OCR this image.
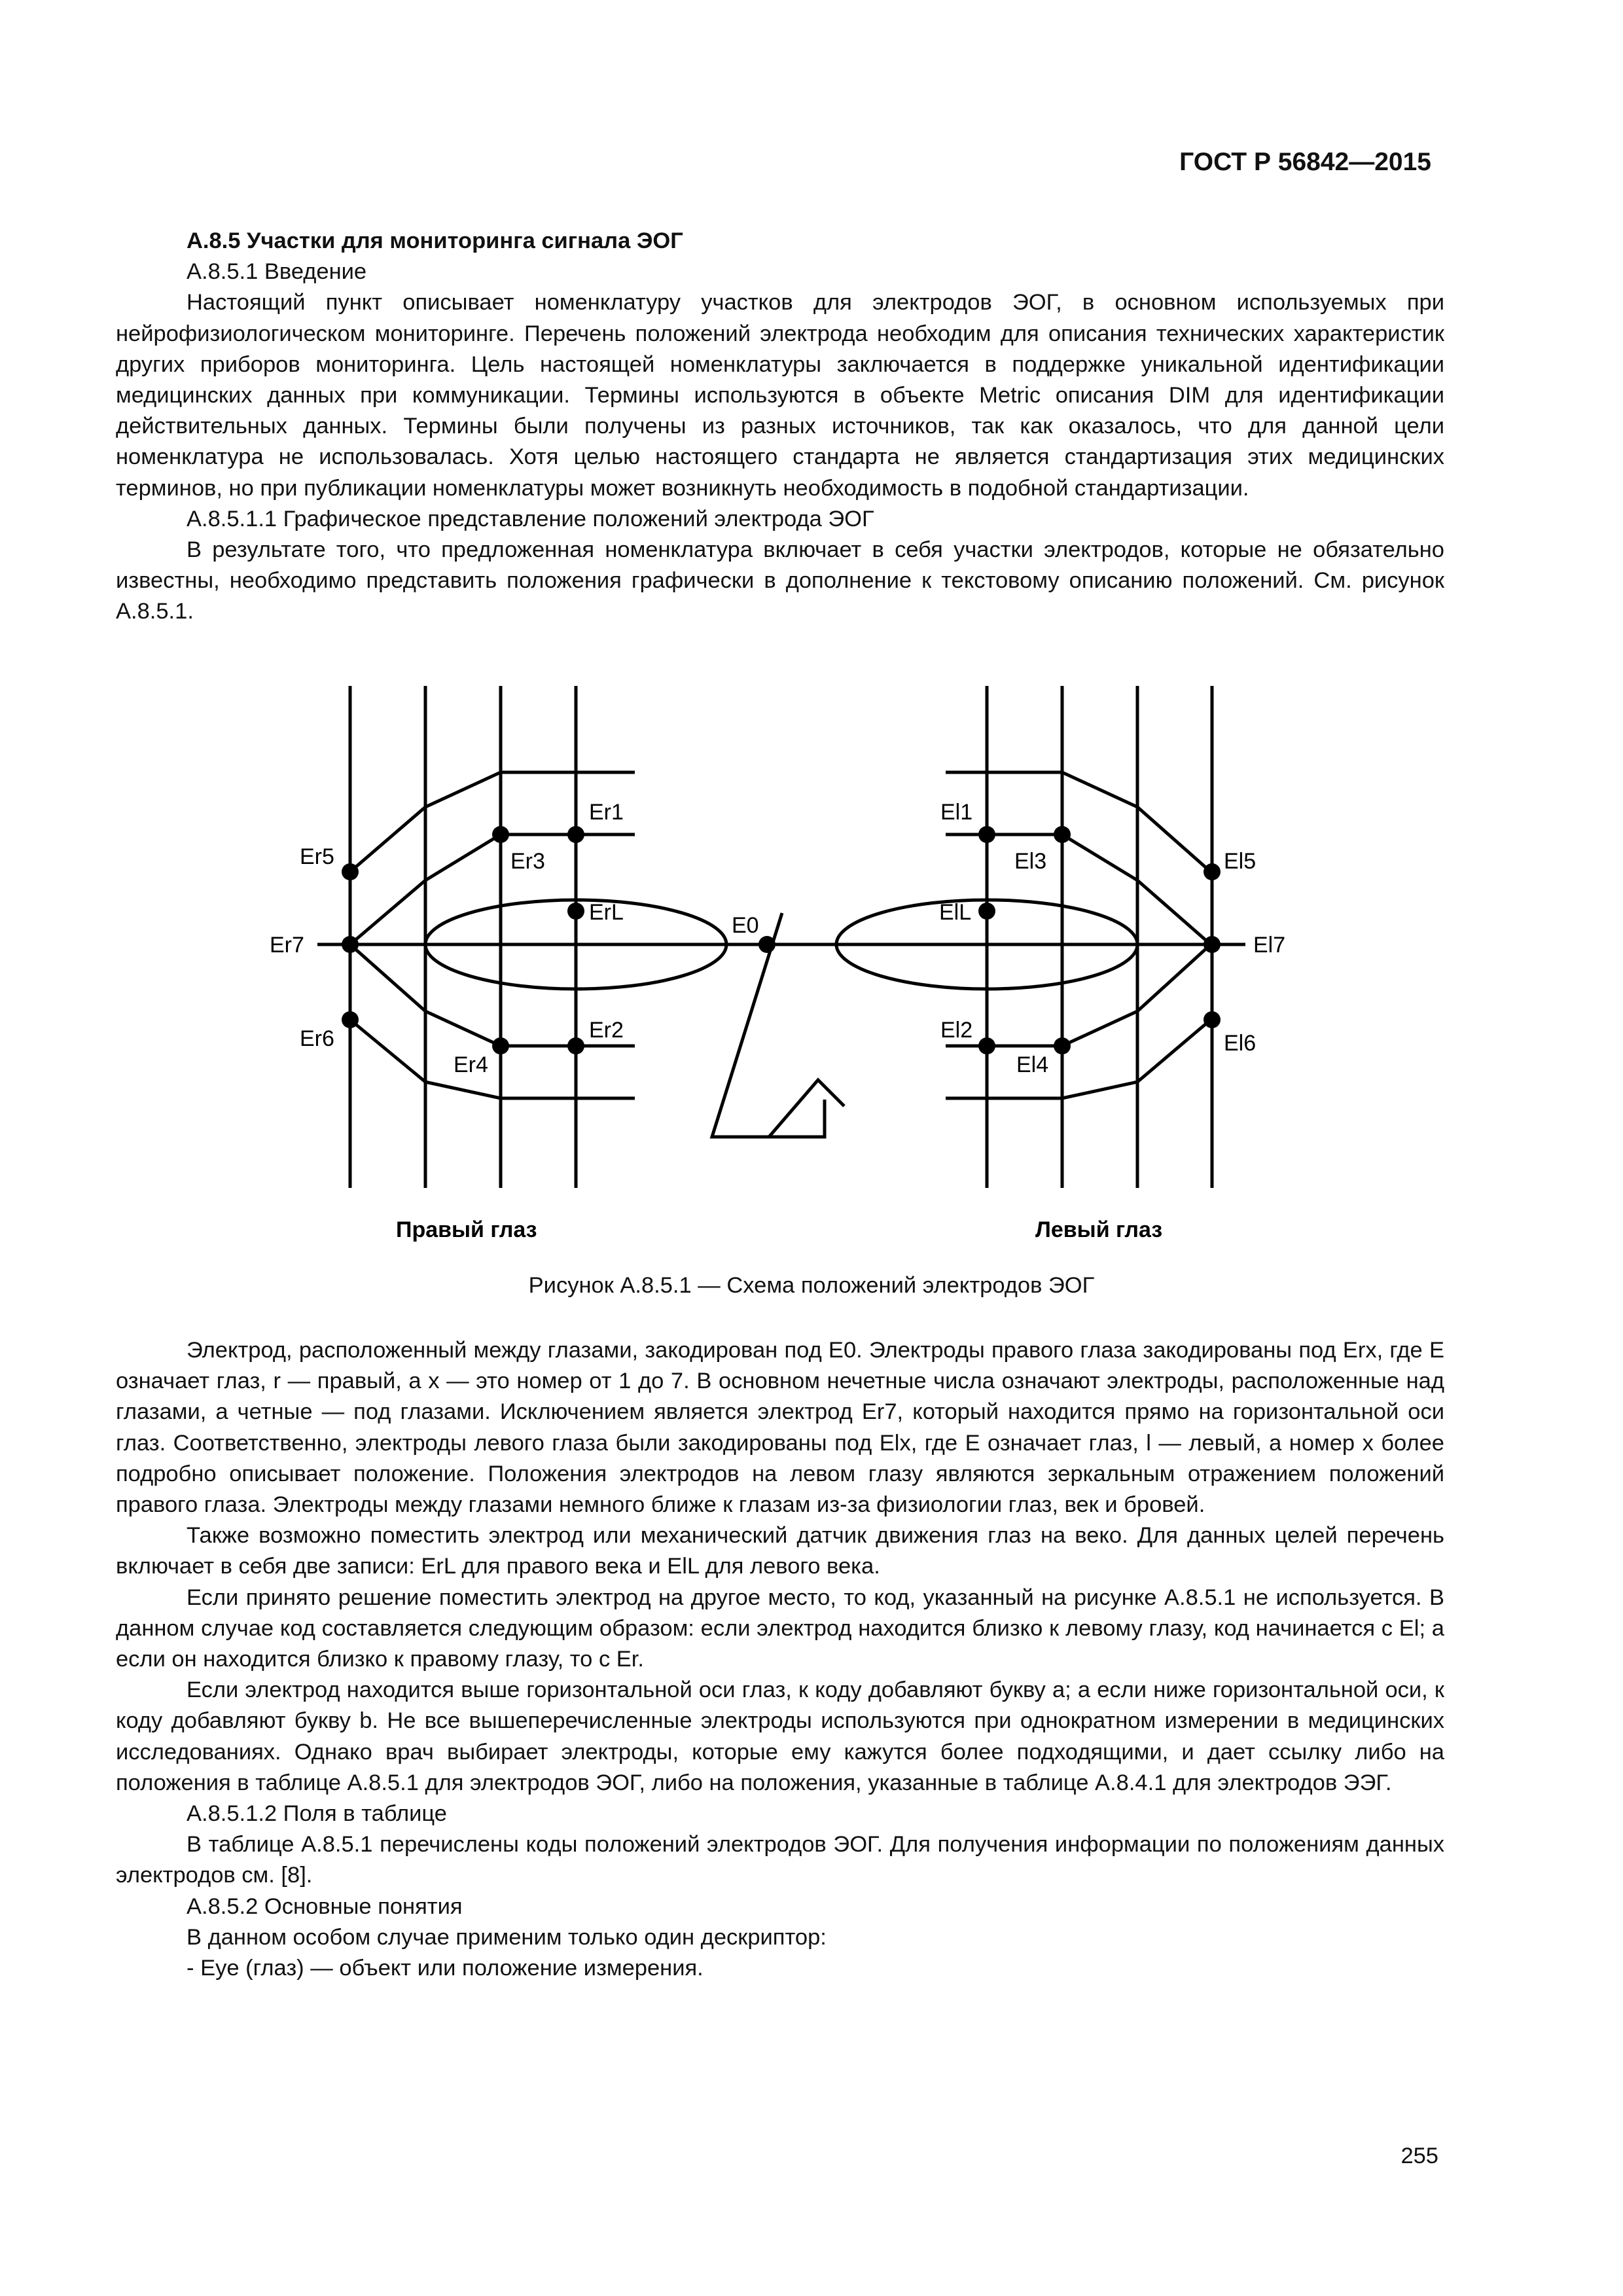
ГОСТ Р 56842—2015

А.8.5 Участки для мониторинга сигнала ЭОГ

А.8.5.1 Введение

Настоящий пункт описывает номенклатуру участков для электродов ЭОГ, в основном используемых при нейрофизиологическом мониторинге. Перечень положений электрода необходим для описания технических характеристик других приборов мониторинга. Цель настоящей номенклатуры заключается в поддержке уникальной идентификации медицинских данных при коммуникации. Термины используются в объекте Metric описания DIM для идентификации действительных данных. Термины были получены из разных источников, так как оказалось, что для данной цели номенклатура не использовалась. Хотя целью настоящего стандарта не является стандартизация этих медицинских терминов, но при публикации номенклатуры может возникнуть необходимость в подобной стандартизации.

А.8.5.1.1 Графическое представление положений электрода ЭОГ

В результате того, что предложенная номенклатура включает в себя участки электродов, которые не обязательно известны, необходимо представить положения графически в дополнение к текстовому описанию положений. См. рисунок А.8.5.1.

Er1
Er3
Er5
ErL
Er7
Er2
Er6
Er4
E0
El1
El3	El5
ElL
El7
El2
El4
El6
Правый глаз	Левый глаз
Рисунок А.8.5.1 — Схема положений электродов ЭОГ

Электрод, расположенный между глазами, закодирован под E0. Электроды правого глаза закодированы под Erx, где E означает глаз, r — правый, а x — это номер от 1 до 7. В основном нечетные числа означают электроды, расположенные над глазами, а четные — под глазами. Исключением является электрод Er7, который находится прямо на горизонтальной оси глаз. Соответственно, электроды левого глаза были закодированы под Elx, где E означает глаз, l — левый, а номер x более подробно описывает положение. Положения электродов на левом глазу являются зеркальным отражением положений правого глаза. Электроды между глазами немного ближе к глазам из-за физиологии глаз, век и бровей.

Также возможно поместить электрод или механический датчик движения глаз на веко. Для данных целей перечень включает в себя две записи: ErL для правого века и ElL для левого века.

Если принято решение поместить электрод на другое место, то код, указанный на рисунке А.8.5.1 не используется. В данном случае код составляется следующим образом: если электрод находится близко к левому глазу, код начинается с El; а если он находится близко к правому глазу, то с Er.

Если электрод находится выше горизонтальной оси глаз, к коду добавляют букву a; а если ниже горизонтальной оси, к коду добавляют букву b. Не все вышеперечисленные электроды используются при однократном измерении в медицинских исследованиях. Однако врач выбирает электроды, которые ему кажутся более подходящими, и дает ссылку либо на положения в таблице А.8.5.1 для электродов ЭОГ, либо на положения, указанные в таблице А.8.4.1 для электродов ЭЭГ.

А.8.5.1.2 Поля в таблице

В таблице А.8.5.1 перечислены коды положений электродов ЭОГ. Для получения информации по положениям данных электродов см. [8].

А.8.5.2 Основные понятия

В данном особом случае применим только один дескриптор:

- Eye (глаз) — объект или положение измерения.

255
